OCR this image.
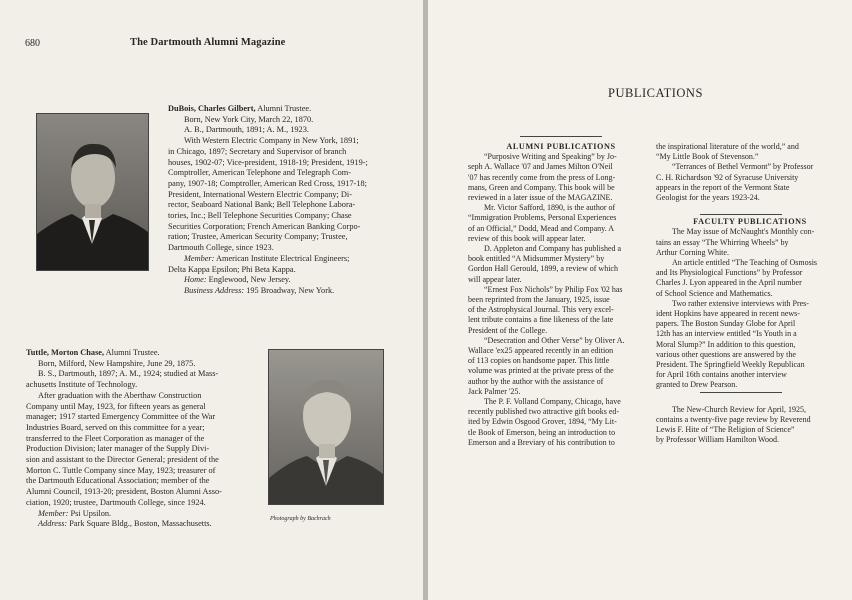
680	The Dartmouth Alumni Magazine
DuBois, Charles Gilbert, Alumni Trustee.
Born, New York City, March 22, 1870.
A. B., Dartmouth, 1891; A. M., 1923.
With Western Electric Company in New York, 1891;
in Chicago, 1897; Secretary and Supervisor of branch
houses, 1902-07; Vice-president, 1918-19; President, 1919-;
Comptroller, American Telephone and Telegraph Com-
pany, 1907-18; Comptroller, American Red Cross, 1917-18;
President, International Western Electric Company; Di-
rector, Seaboard National Bank; Bell Telephone Labora-
tories, Inc.; Bell Telephone Securities Company; Chase
Securities Corporation; French American Banking Corpo-
ration; Trustee, American Security Company; Trustee,
Dartmouth College, since 1923.
Member: American Institute Electrical Engineers;
Delta Kappa Epsilon; Phi Beta Kappa.
Home: Englewood, New Jersey.
Business Address: 195 Broadway, New York.
Tuttle, Morton Chase, Alumni Trustee.
Born, Milford, New Hampshire, June 29, 1875.
B. S., Dartmouth, 1897; A. M., 1924; studied at Mass-
achusetts Institute of Technology.
After graduation with the Aberthaw Construction
Company until May, 1923, for fifteen years as general
manager; 1917 started Emergency Committee of the War
Industries Board, served on this committee for a year;
transferred to the Fleet Corporation as manager of the
Production Division; later manager of the Supply Divi-
sion and assistant to the Director General; president of the
Morton C. Tuttle Company since May, 1923; treasurer of
the Dartmouth Educational Association; member of the
Alumni Council, 1913-20; president, Boston Alumni Asso-
ciation, 1920; trustee, Dartmouth College, since 1924.
Member: Psi Upsilon.
Address: Park Square Bldg., Boston, Massachusetts.
Photograph by Bachrach
PUBLICATIONS
ALUMNI PUBLICATIONS
“Purposive Writing and Speaking” by Jo-
seph A. Wallace '07 and James Milton O'Neil
'07 has recently come from the press of Long-
mans, Green and Company. This book will be
reviewed in a later issue of the MAGAZINE.
Mr. Victor Safford, 1890, is the author of
“Immigration Problems, Personal Experiences
of an Official,” Dodd, Mead and Company. A
review of this book will appear later.
D. Appleton and Company has published a
book entitled “A Midsummer Mystery” by
Gordon Hall Gerould, 1899, a review of which
will appear later.
“Ernest Fox Nichols” by Philip Fox '02 has
been reprinted from the January, 1925, issue
of the Astrophysical Journal. This very excel-
lent tribute contains a fine likeness of the late
President of the College.
“Desecration and Other Verse” by Oliver A.
Wallace 'ex25 appeared recently in an edition
of 113 copies on handsome paper. This little
volume was printed at the private press of the
author by the author with the assistance of
Jack Palmer '25.
The P. F. Volland Company, Chicago, have
recently published two attractive gift books ed-
ited by Edwin Osgood Grover, 1894, “My Lit-
tle Book of Emerson, being an introduction to
Emerson and a Breviary of his contribution to
the inspirational literature of the world,” and
“My Little Book of Stevenson.”
“Terrances of Bethel Vermont” by Professor
C. H. Richardson '92 of Syracuse University
appears in the report of the Vermont State
Geologist for the years 1923-24.
FACULTY PUBLICATIONS
The May issue of McNaught's Monthly con-
tains an essay “The Whirring Wheels” by
Arthur Corning White.
An article entitled “The Teaching of Osmosis
and Its Physiological Functions” by Professor
Charles J. Lyon appeared in the April number
of School Science and Mathematics.
Two rather extensive interviews with Pres-
ident Hopkins have appeared in recent news-
papers. The Boston Sunday Globe for April
12th has an interview entitled “Is Youth in a
Moral Slump?” In addition to this question,
various other questions are answered by the
President. The Springfield Weekly Republican
for April 16th contains another interview
granted to Drew Pearson.
The New-Church Review for April, 1925,
contains a twenty-five page review by Reverend
Lewis F. Hite of “The Religion of Science”
by Professor William Hamilton Wood.
